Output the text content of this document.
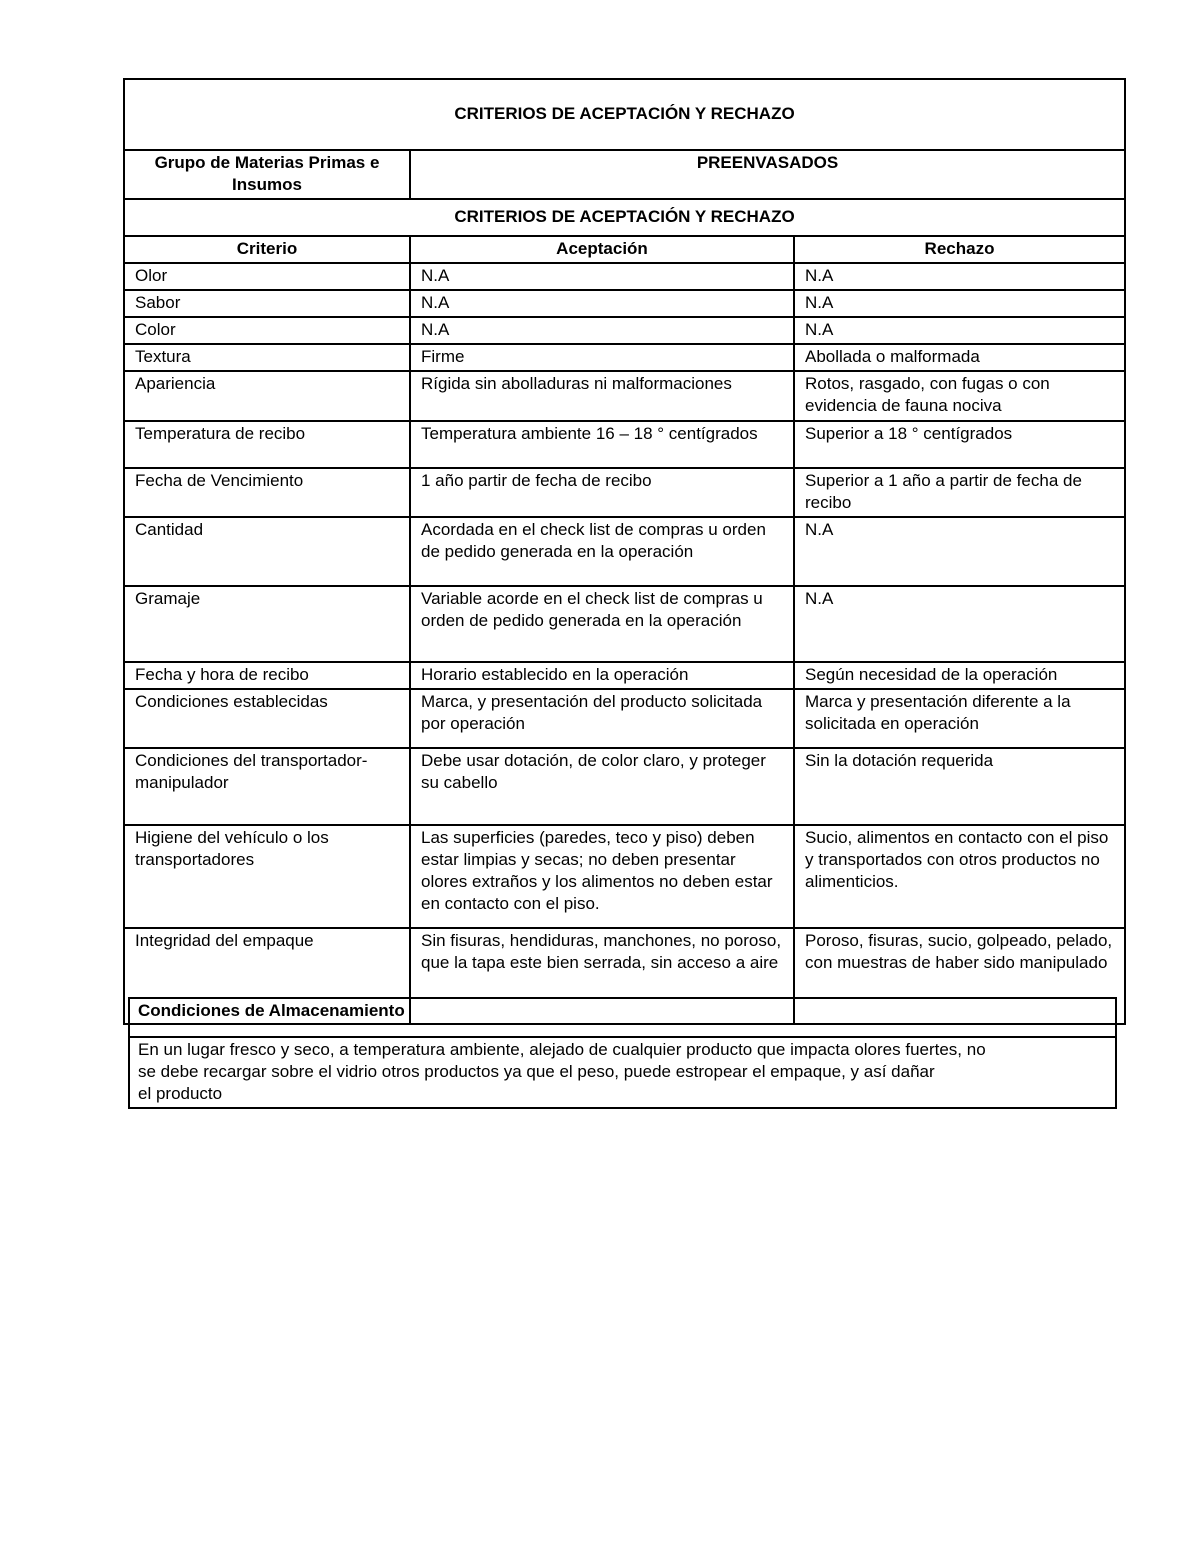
CRITERIOS DE ACEPTACIÓN Y RECHAZO		
Grupo de Materias Primas e Insumos	PREENVASADOS	
CRITERIOS DE ACEPTACIÓN Y RECHAZO		
Criterio	Aceptación	Rechazo
Olor	N.A	N.A
Sabor	N.A	N.A
Color	N.A	N.A
Textura	Firme	Abollada o malformada
Apariencia	Rígida sin abolladuras ni malformaciones	Rotos, rasgado, con fugas o con evidencia de fauna nociva
Temperatura de recibo	Temperatura ambiente 16 – 18 ° centígrados	Superior a 18 ° centígrados
Fecha de Vencimiento	1 año partir de fecha de recibo	Superior a 1 año a partir de fecha de recibo
Cantidad	Acordada en el check list de compras u orden de pedido generada en la operación	N.A
Gramaje	Variable acorde en el check list de compras u orden de pedido generada en la operación	N.A
Fecha y hora de recibo	Horario establecido en la operación	Según necesidad de la operación
Condiciones establecidas	Marca, y presentación del producto solicitada por operación	Marca y presentación diferente a la solicitada en operación
Condiciones del transportador-manipulador	Debe usar dotación, de color claro, y proteger su cabello	Sin la dotación requerida
Higiene del vehículo o los transportadores	Las superficies (paredes, teco y piso) deben estar limpias y secas; no deben presentar olores extraños y los alimentos no deben estar en contacto con el piso.	Sucio, alimentos en contacto con el piso y transportados con otros productos no alimenticios.
Integridad del empaque	Sin fisuras, hendiduras, manchones, no poroso, que la tapa este bien serrada, sin acceso a aire	Poroso, fisuras, sucio, golpeado, pelado, con muestras de haber sido manipulado
Condiciones de Almacenamiento

En un lugar fresco y seco, a temperatura ambiente, alejado de cualquier producto que impacta olores fuertes, no
se debe recargar sobre el vidrio otros productos ya que el peso, puede estropear el empaque, y así dañar
el producto
